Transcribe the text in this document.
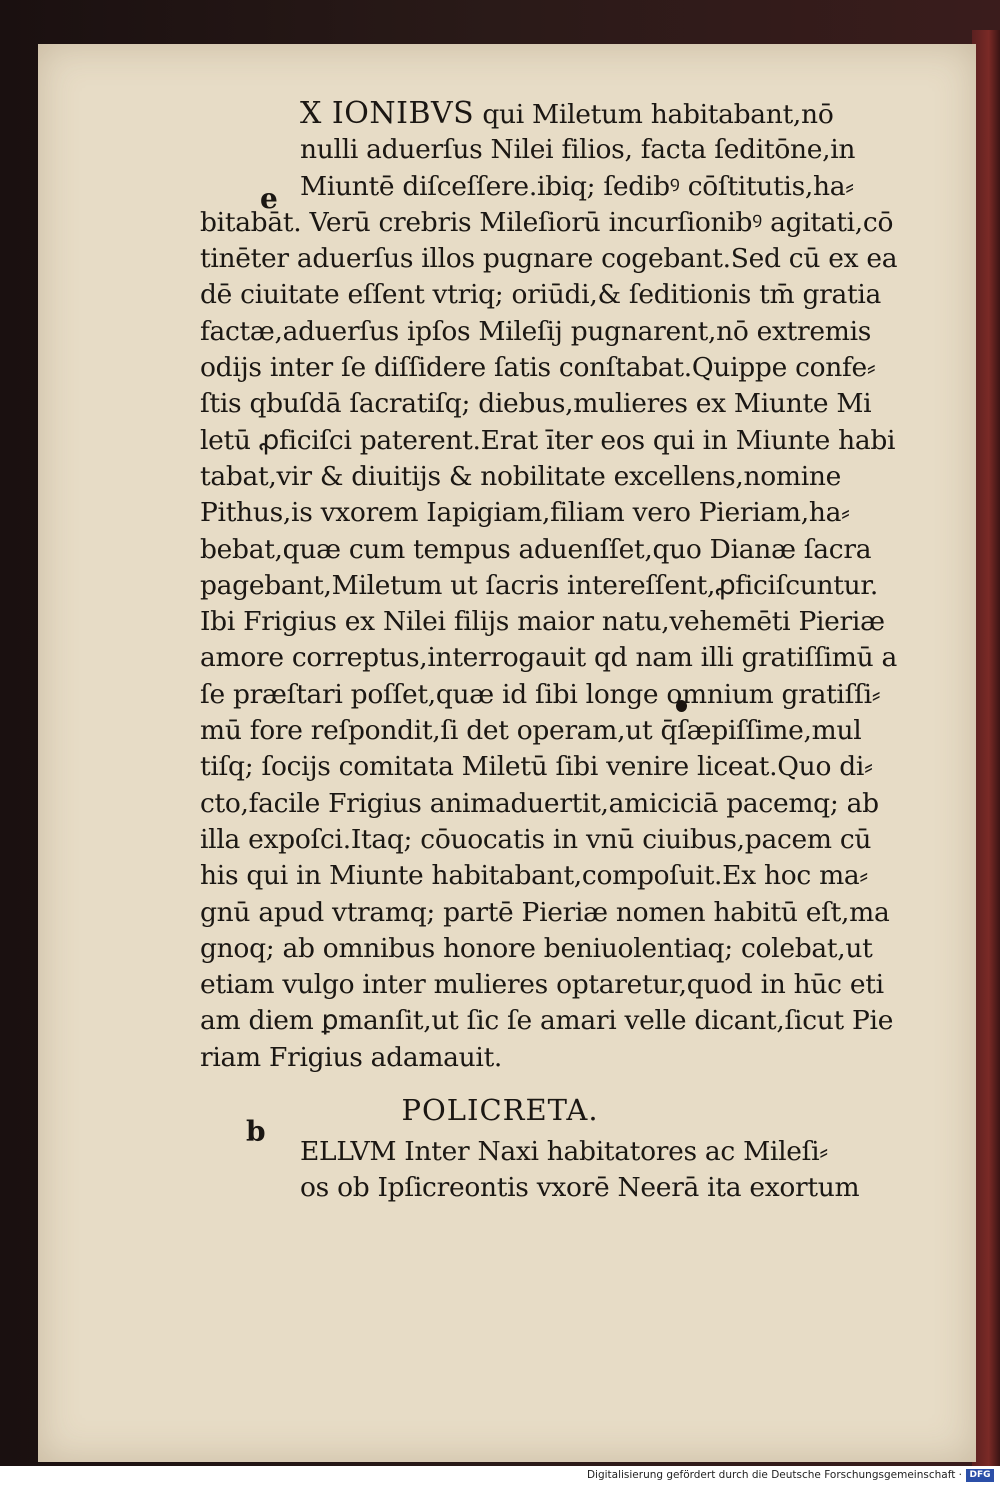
e
b
X IONIBVS qui Miletum habitabant,nō
nulli aduerſus Nilei filios, facta ſeditōne,in
Miuntē diſceſſere.ibiq; ſedibꝰ cōſtitutis,ha⸗
bitabāt. Verū crebris Mileſiorū incurſionibꝰ agitati,cō
tinēter aduerſus illos pugnare cogebant.Sed cū ex ea
dē ciuitate eſſent vtriq; oriūdi,& ſeditionis tm̄ gratia
factæ,aduerſus ipſos Mileſij pugnarent,nō extremis
odijs inter ſe diſſidere ſatis conſtabat.Quippe confe⸗
ſtis qbuſdā ſacratiſq; diebus,mulieres ex Miunte Mi
letū ꝓficiſci paterent.Erat īter eos qui in Miunte habi
tabat,vir & diuitijs & nobilitate excellens,nomine
Pithus,is vxorem Iapigiam,filiam vero Pieriam,ha⸗
bebat,quæ cum tempus aduenſſet,quo Dianæ ſacra
pagebant,Miletum ut ſacris intereſſent,ꝓficiſcuntur.
Ibi Frigius ex Nilei filijs maior natu,vehemēti Pieriæ
amore correptus,interrogauit qd nam illi gratiſſimū a
ſe præſtari poſſet,quæ id ſibi longe omnium gratiſſi⸗
mū fore reſpondit,ſi det operam,ut q̄ſæpiſſime,mul
tiſq; ſocijs comitata Miletū ſibi venire liceat.Quo di⸗
cto,facile Frigius animaduertit,amiciciā pacemq; ab
illa expoſci.Itaq; cōuocatis in vnū ciuibus,pacem cū
his qui in Miunte habitabant,compoſuit.Ex hoc ma⸗
gnū apud vtramq; partē Pieriæ nomen habitū eſt,ma
gnoq; ab omnibus honore beniuolentiaq; colebat,ut
etiam vulgo inter mulieres optaretur,quod in hūc eti
am diem ꝑmanſit,ut ſic ſe amari velle dicant,ſicut Pie
riam Frigius adamauit.
POLICRETA.
ELLVM Inter Naxi habitatores ac Mileſi⸗
os ob Ipſicreontis vxorē Neerā ita exortum
Digitalisierung gefördert durch die Deutsche Forschungsgemeinschaft · DFG
